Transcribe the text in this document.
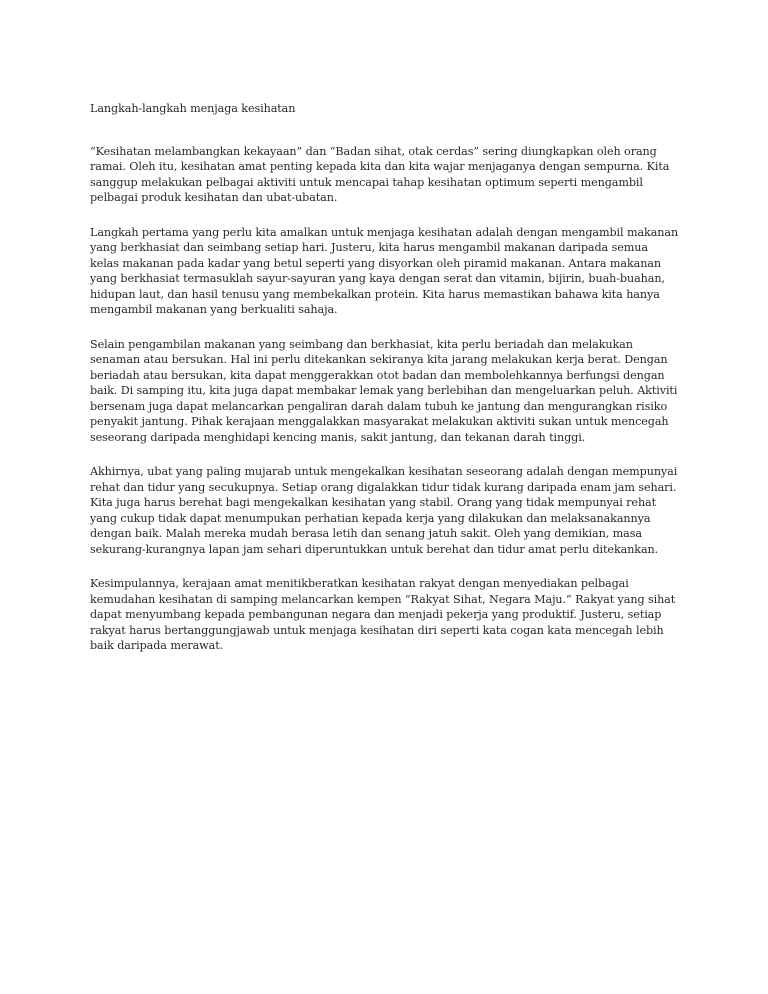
Langkah-langkah menjaga kesihatan

“Kesihatan melambangkan kekayaan” dan “Badan sihat, otak cerdas” sering diungkapkan oleh orang ramai. Oleh itu, kesihatan amat penting kepada kita dan kita wajar menjaganya dengan sempurna. Kita sanggup melakukan pelbagai aktiviti untuk mencapai tahap kesihatan optimum seperti mengambil pelbagai produk kesihatan dan ubat-ubatan.

Langkah pertama yang perlu kita amalkan untuk menjaga kesihatan adalah dengan mengambil makanan yang berkhasiat dan seimbang setiap hari. Justeru, kita harus mengambil makanan daripada semua kelas makanan pada kadar yang betul seperti yang disyorkan oleh piramid makanan. Antara makanan yang berkhasiat termasuklah sayur-sayuran yang kaya dengan serat dan vitamin, bijirin, buah-buahan, hidupan laut, dan hasil tenusu yang membekalkan protein. Kita harus memastikan bahawa kita hanya mengambil makanan yang berkualiti sahaja.

Selain pengambilan makanan yang seimbang dan berkhasiat, kita perlu beriadah dan melakukan senaman atau bersukan. Hal ini perlu ditekankan sekiranya kita jarang melakukan kerja berat. Dengan beriadah atau bersukan, kita dapat menggerakkan otot badan dan membolehkannya berfungsi dengan baik. Di samping itu, kita juga dapat membakar lemak yang berlebihan dan mengeluarkan peluh. Aktiviti bersenam juga dapat melancarkan pengaliran darah dalam tubuh ke jantung dan mengurangkan risiko penyakit jantung. Pihak kerajaan menggalakkan masyarakat melakukan aktiviti sukan untuk mencegah seseorang daripada menghidapi kencing manis, sakit jantung, dan tekanan darah tinggi.

Akhirnya, ubat yang paling mujarab untuk mengekalkan kesihatan seseorang adalah dengan mempunyai rehat dan tidur yang secukupnya. Setiap orang digalakkan tidur tidak kurang daripada enam jam sehari. Kita juga harus berehat bagi mengekalkan kesihatan yang stabil. Orang yang tidak mempunyai rehat yang cukup tidak dapat menumpukan perhatian kepada kerja yang dilakukan dan melaksanakannya dengan baik. Malah mereka mudah berasa letih dan senang jatuh sakit. Oleh yang demikian, masa sekurang-kurangnya lapan jam sehari diperuntukkan untuk berehat dan tidur amat perlu ditekankan.

Kesimpulannya, kerajaan amat menitikberatkan kesihatan rakyat dengan menyediakan pelbagai kemudahan kesihatan di samping melancarkan kempen “Rakyat Sihat, Negara Maju.” Rakyat yang sihat dapat menyumbang kepada pembangunan negara dan menjadi pekerja yang produktif. Justeru, setiap rakyat harus bertanggungjawab untuk menjaga kesihatan diri seperti kata cogan kata mencegah lebih baik daripada merawat.
